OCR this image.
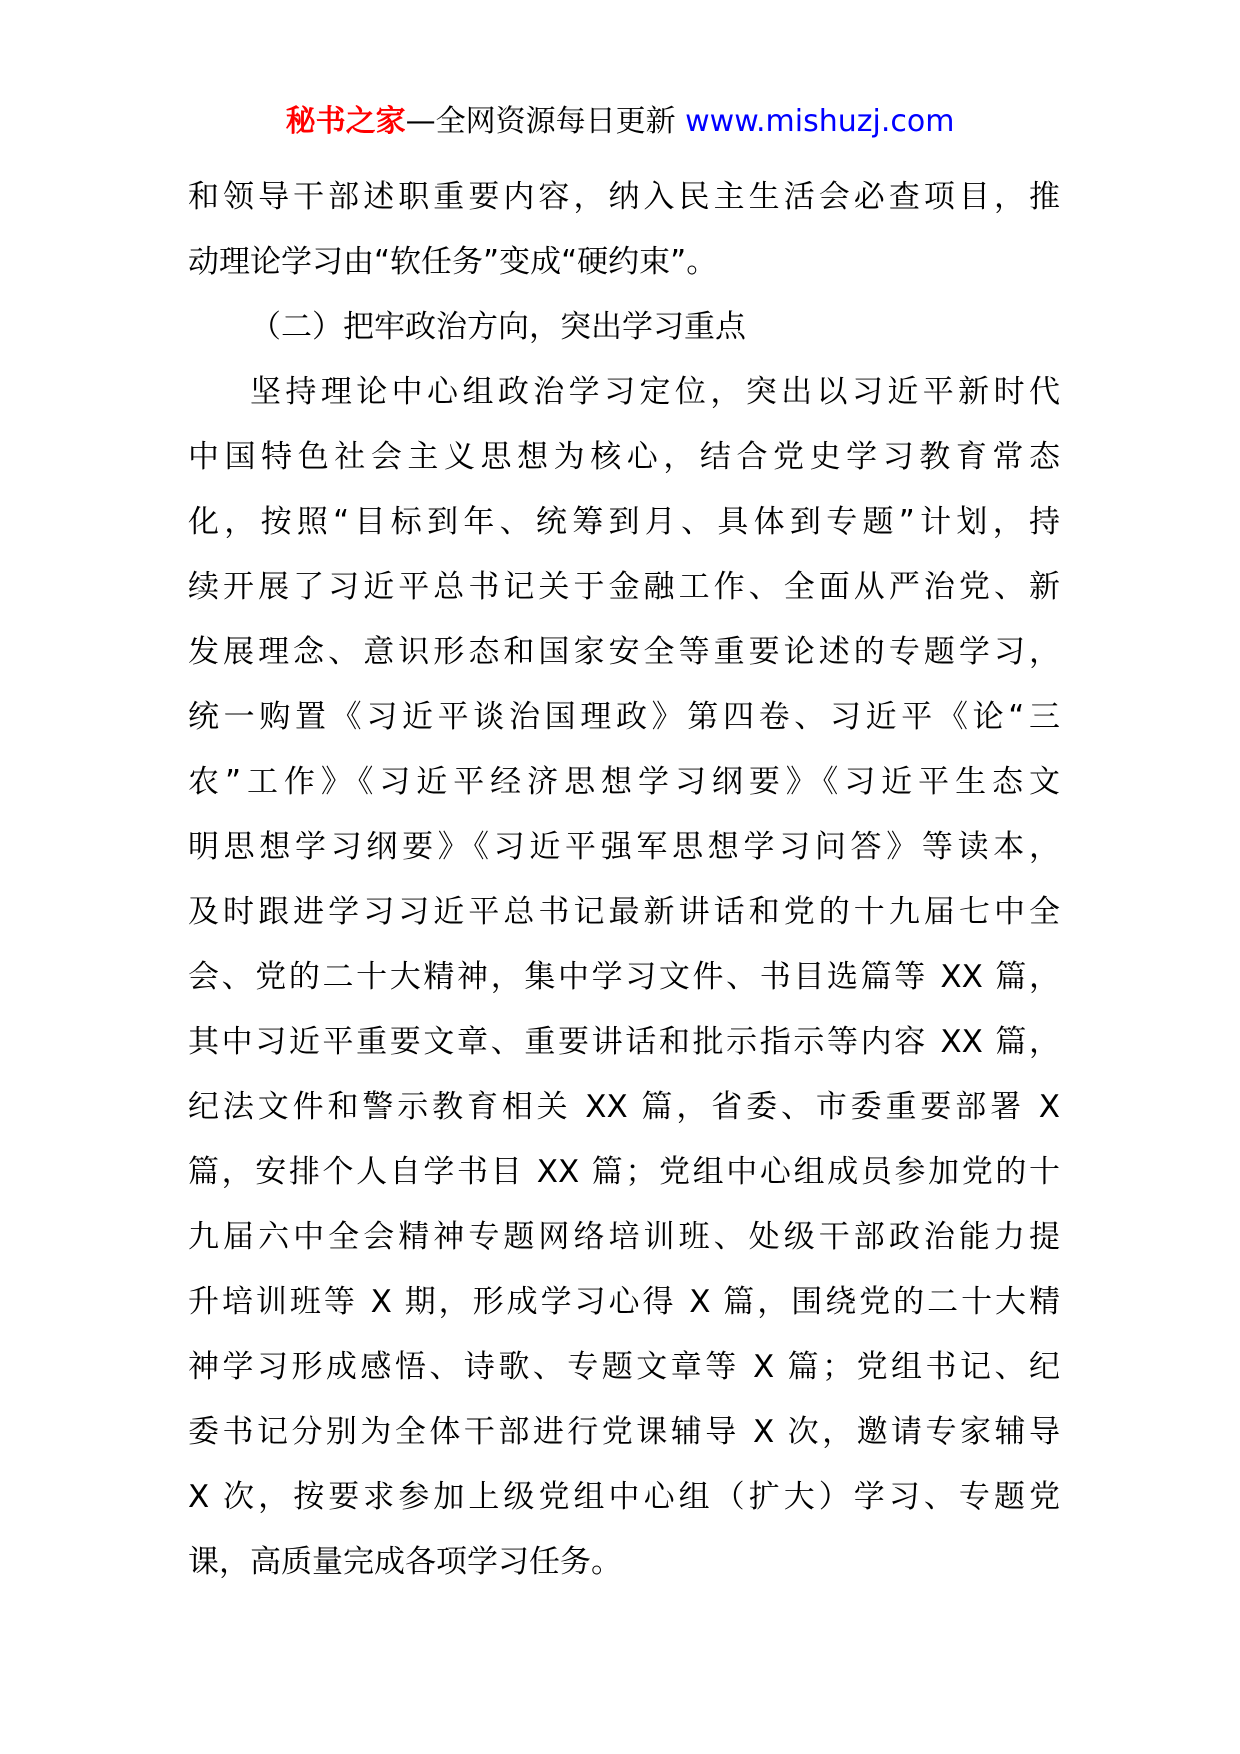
秘书之家—全网资源每日更新 www.mishuzj.com
和领导干部述职重要内容，纳入民主生活会必查项目，推
动理论学习由“软任务”变成“硬约束”。
（二）把牢政治方向，突出学习重点
坚持理论中心组政治学习定位，突出以习近平新时代
中国特色社会主义思想为核心，结合党史学习教育常态
化，按照“目标到年、统筹到月、具体到专题”计划，持
续开展了习近平总书记关于金融工作、全面从严治党、新
发展理念、意识形态和国家安全等重要论述的专题学习，
统一购置《习近平谈治国理政》第四卷、习近平《论“三
农”工作》《习近平经济思想学习纲要》《习近平生态文
明思想学习纲要》《习近平强军思想学习问答》等读本，
及时跟进学习习近平总书记最新讲话和党的十九届七中全
会、党的二十大精神，集中学习文件、书目选篇等 XX 篇，
其中习近平重要文章、重要讲话和批示指示等内容 XX 篇，
纪法文件和警示教育相关 XX 篇，省委、市委重要部署 X
篇，安排个人自学书目 XX 篇；党组中心组成员参加党的十
九届六中全会精神专题网络培训班、处级干部政治能力提
升培训班等 X 期，形成学习心得 X 篇，围绕党的二十大精
神学习形成感悟、诗歌、专题文章等 X 篇；党组书记、纪
委书记分别为全体干部进行党课辅导 X 次，邀请专家辅导
X 次，按要求参加上级党组中心组（扩大）学习、专题党
课，高质量完成各项学习任务。
